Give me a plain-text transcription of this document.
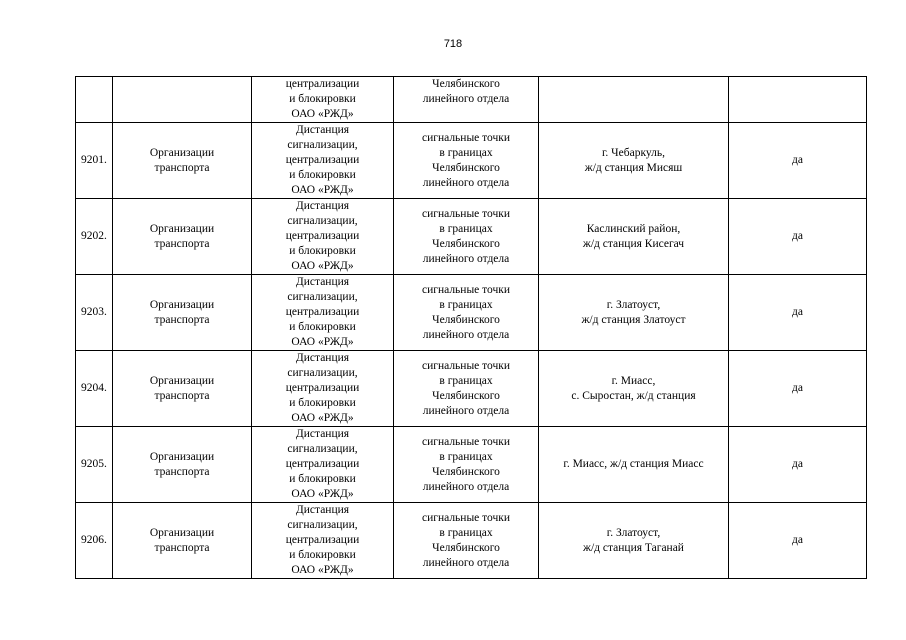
718
		централизации
и блокировки
ОАО «РЖД»	Челябинского
линейного отдела		
9201.	Организации
транспорта	Дистанция
сигнализации,
централизации
и блокировки
ОАО «РЖД»	сигнальные точки
в границах
Челябинского
линейного отдела	г. Чебаркуль,
ж/д станция Мисяш	да
9202.	Организации
транспорта	Дистанция
сигнализации,
централизации
и блокировки
ОАО «РЖД»	сигнальные точки
в границах
Челябинского
линейного отдела	Каслинский район,
ж/д станция Кисегач	да
9203.	Организации
транспорта	Дистанция
сигнализации,
централизации
и блокировки
ОАО «РЖД»	сигнальные точки
в границах
Челябинского
линейного отдела	г. Златоуст,
ж/д станция Златоуст	да
9204.	Организации
транспорта	Дистанция
сигнализации,
централизации
и блокировки
ОАО «РЖД»	сигнальные точки
в границах
Челябинского
линейного отдела	г. Миасс,
с. Сыростан, ж/д станция	да
9205.	Организации
транспорта	Дистанция
сигнализации,
централизации
и блокировки
ОАО «РЖД»	сигнальные точки
в границах
Челябинского
линейного отдела	г. Миасс, ж/д станция Миасс	да
9206.	Организации
транспорта	Дистанция
сигнализации,
централизации
и блокировки
ОАО «РЖД»	сигнальные точки
в границах
Челябинского
линейного отдела	г. Златоуст,
ж/д станция Таганай	да
